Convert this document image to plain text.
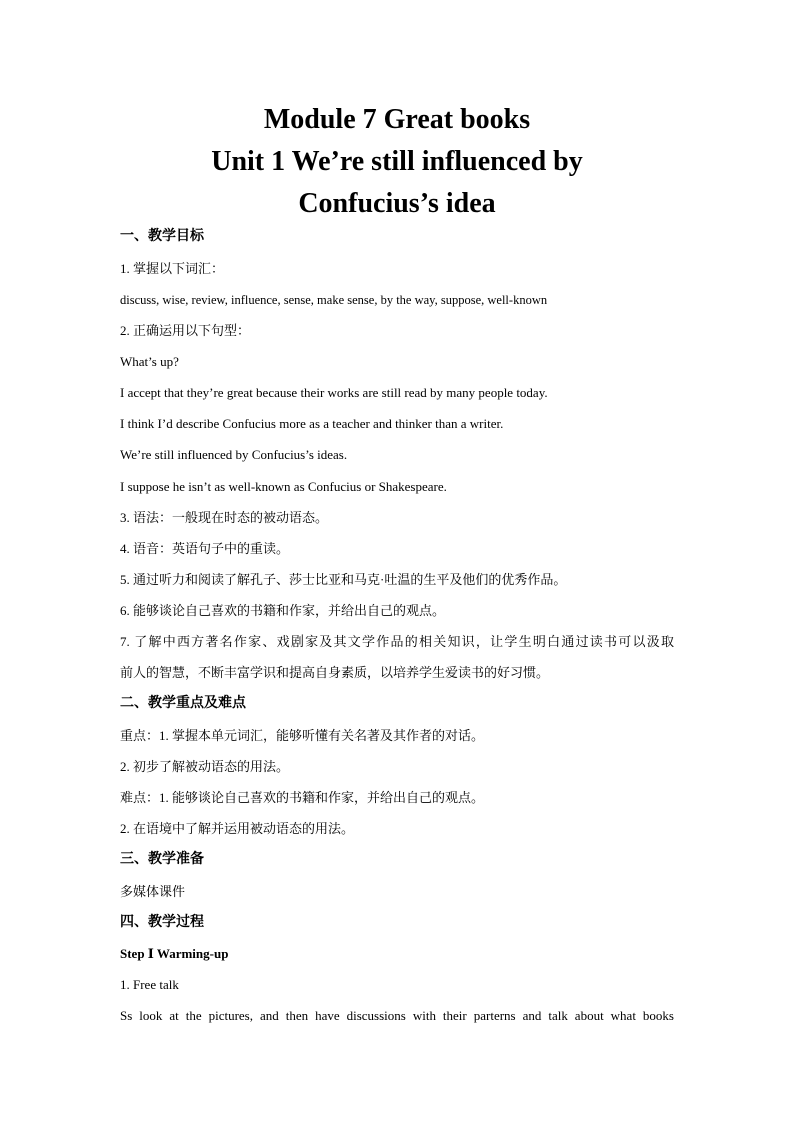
Module 7 Great books
Unit 1 We’re still influenced by
Confucius’s idea
一、教学目标
1. 掌握以下词汇：
discuss, wise, review, influence, sense, make sense, by the way, suppose, well-known
2. 正确运用以下句型：
What’s up?
I accept that they’re great because their works are still read by many people today.
I think I’d describe Confucius more as a teacher and thinker than a writer.
We’re still influenced by Confucius’s ideas.
I suppose he isn’t as well-known as Confucius or Shakespeare.
3. 语法：一般现在时态的被动语态。
4. 语音：英语句子中的重读。
5. 通过听力和阅读了解孔子、莎士比亚和马克·吐温的生平及他们的优秀作品。
6. 能够谈论自己喜欢的书籍和作家，并给出自己的观点。
7. 了解中西方著名作家、戏剧家及其文学作品的相关知识，让学生明白通过读书可以汲取
前人的智慧，不断丰富学识和提高自身素质，以培养学生爱读书的好习惯。
二、教学重点及难点
重点：1. 掌握本单元词汇，能够听懂有关名著及其作者的对话。
2. 初步了解被动语态的用法。
难点：1. 能够谈论自己喜欢的书籍和作家，并给出自己的观点。
2. 在语境中了解并运用被动语态的用法。
三、教学准备
多媒体课件
四、教学过程
Step Ⅰ Warming-up
1. Free talk
Ss look at the pictures, and then have discussions with their parterns and talk about what books
